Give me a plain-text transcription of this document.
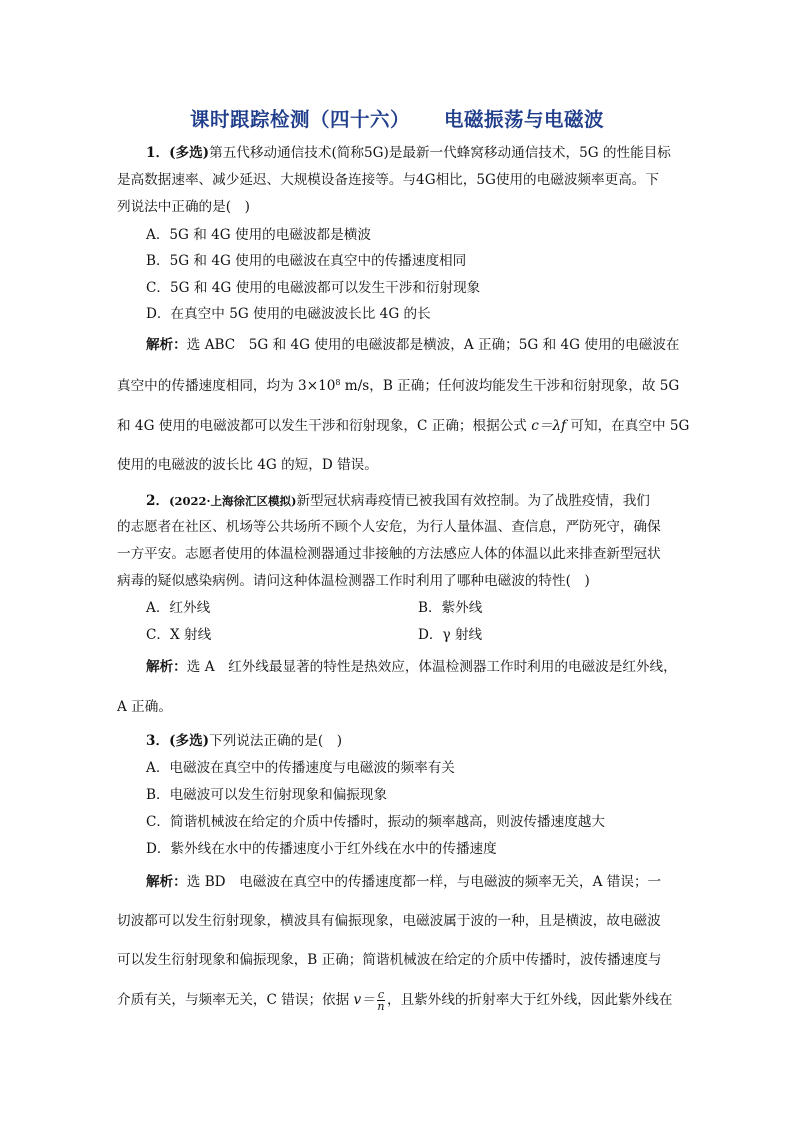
课时跟踪检测（四十六） 电磁振荡与电磁波
1．(多选)第五代移动通信技术(简称5G)是最新一代蜂窝移动通信技术，5G 的性能目标
是高数据速率、减少延迟、大规模设备连接等。与4G相比，5G使用的电磁波频率更高。下
列说法中正确的是(　)
A．5G 和 4G 使用的电磁波都是横波
B．5G 和 4G 使用的电磁波在真空中的传播速度相同
C．5G 和 4G 使用的电磁波都可以发生干涉和衍射现象
D．在真空中 5G 使用的电磁波波长比 4G 的长
解析：选 ABC　5G 和 4G 使用的电磁波都是横波，A 正确；5G 和 4G 使用的电磁波在
真空中的传播速度相同，均为 $3\times 10^8$ m/s，B 正确；任何波均能发生干涉和衍射现象，故 5G
和 4G 使用的电磁波都可以发生干涉和衍射现象，C 正确；根据公式 c＝λf 可知，在真空中 5G
使用的电磁波的波长比 4G 的短，D 错误。
2．(2022·上海徐汇区模拟)新型冠状病毒疫情已被我国有效控制。为了战胜疫情，我们
的志愿者在社区、机场等公共场所不顾个人安危，为行人量体温、查信息，严防死守，确保
一方平安。志愿者使用的体温检测器通过非接触的方法感应人体的体温以此来排查新型冠状
病毒的疑似感染病例。请问这种体温检测器工作时利用了哪种电磁波的特性(　)
A．红外线	B．紫外线
C．X 射线	D．γ 射线
解析：选 A　红外线最显著的特性是热效应，体温检测器工作时利用的电磁波是红外线，
A 正确。
3．(多选)下列说法正确的是(　)
A．电磁波在真空中的传播速度与电磁波的频率有关
B．电磁波可以发生衍射现象和偏振现象
C．简谐机械波在给定的介质中传播时，振动的频率越高，则波传播速度越大
D．紫外线在水中的传播速度小于红外线在水中的传播速度
解析：选 BD　电磁波在真空中的传播速度都一样，与电磁波的频率无关，A 错误；一
切波都可以发生衍射现象，横波具有偏振现象，电磁波属于波的一种，且是横波，故电磁波
可以发生衍射现象和偏振现象，B 正确；简谐机械波在给定的介质中传播时，波传播速度与
介质有关，与频率无关，C 错误；依据 $v= \frac{c}{n}$ ，且紫外线的折射率大于红外线，因此紫外线在
